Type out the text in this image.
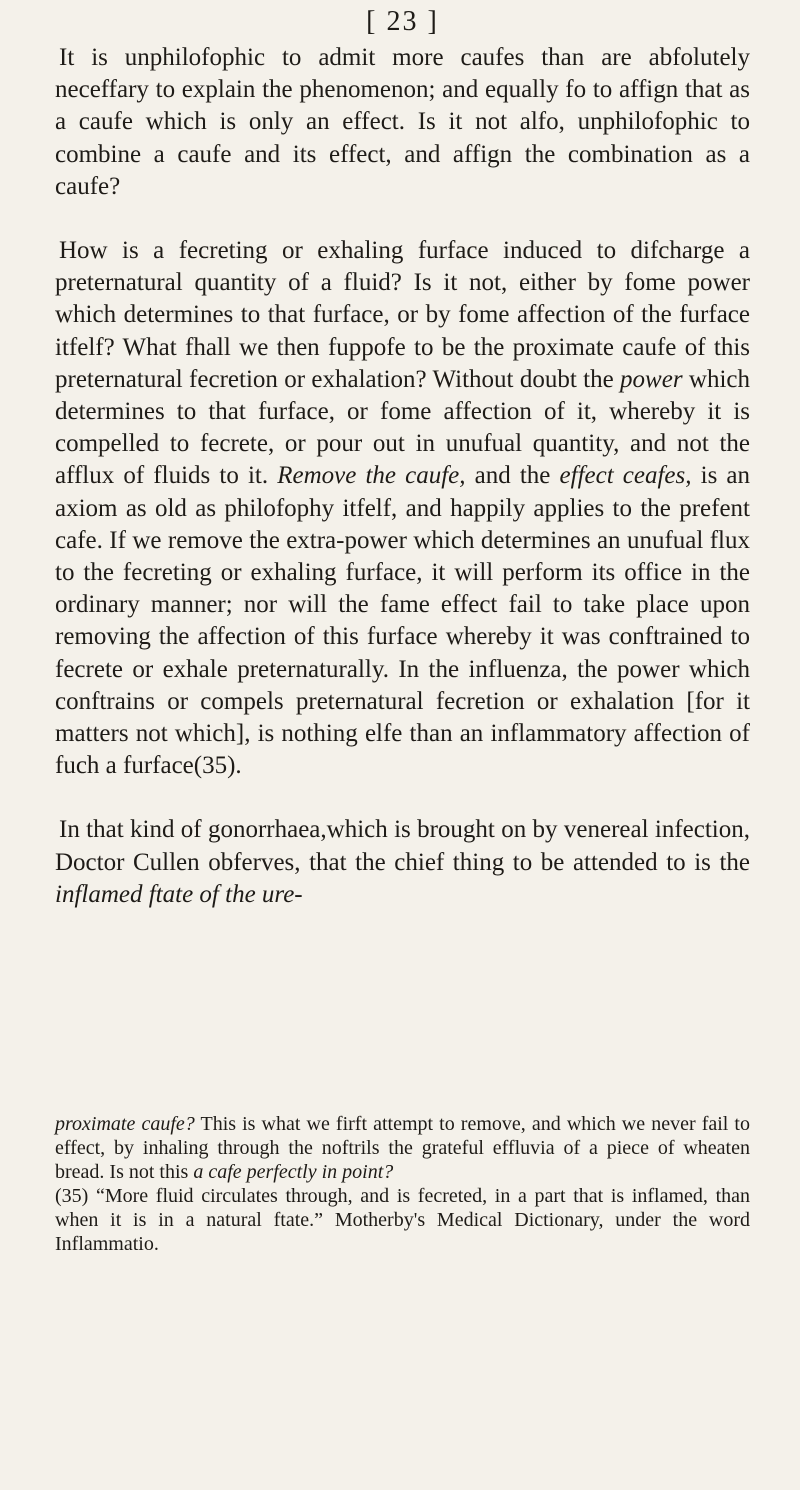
[ 23 ]

It is unphilofophic to admit more caufes than are abfolutely neceffary to explain the phenomenon; and equally fo to affign that as a caufe which is only an effect. Is it not alfo, unphilofophic to combine a caufe and its effect, and affign the combination as a caufe?

How is a fecreting or exhaling furface induced to difcharge a preternatural quantity of a fluid? Is it not, either by fome power which determines to that furface, or by fome affection of the furface itfelf? What fhall we then fuppofe to be the proximate caufe of this preternatural fecretion or exhalation? Without doubt the power which determines to that furface, or fome affection of it, whereby it is compelled to fecrete, or pour out in unufual quantity, and not the afflux of fluids to it. Remove the caufe, and the effect ceafes, is an axiom as old as philofophy itfelf, and happily applies to the prefent cafe. If we remove the extra-power which determines an unufual flux to the fecreting or exhaling furface, it will perform its office in the ordinary manner; nor will the fame effect fail to take place upon removing the affection of this furface whereby it was conftrained to fecrete or exhale preternaturally. In the influenza, the power which conftrains or compels preternatural fecretion or exhalation [for it matters not which], is nothing elfe than an inflammatory affection of fuch a furface(35).

In that kind of gonorrhaea,which is brought on by venereal infection, Doctor Cullen obferves, that the chief thing to be attended to is the inflamed ftate of the ure-

proximate caufe? This is what we firft attempt to remove, and which we never fail to effect, by inhaling through the noftrils the grateful effluvia of a piece of wheaten bread. Is not this a cafe perfectly in point?

(35) “More fluid circulates through, and is fecreted, in a part that is inflamed, than when it is in a natural ftate.” Motherby's Medical Dictionary, under the word Inflammatio.
